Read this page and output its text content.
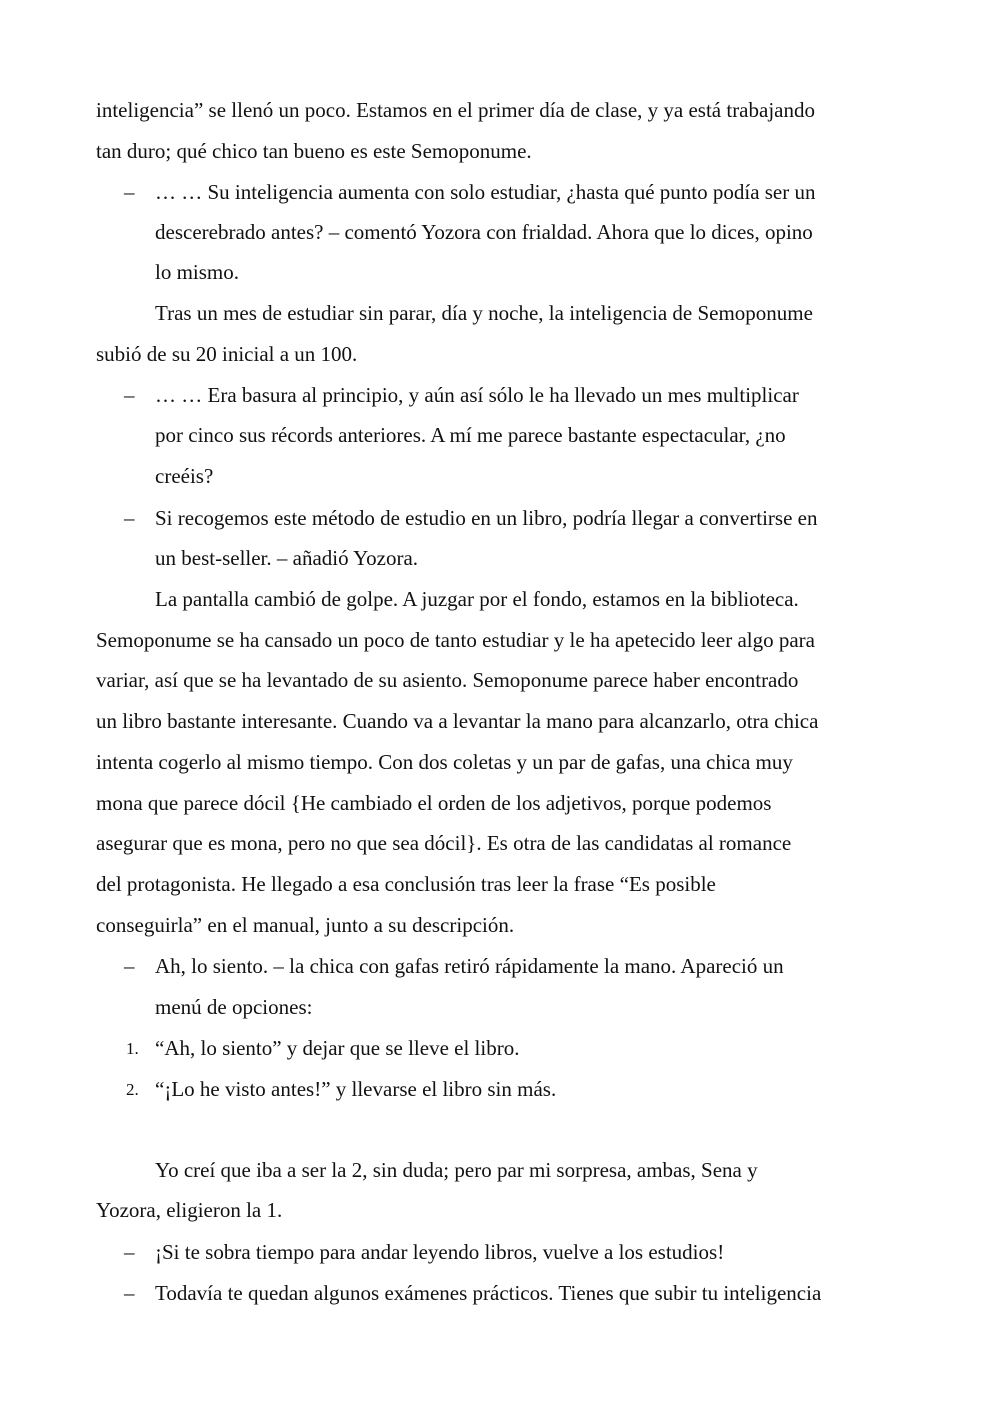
inteligencia” se llenó un poco. Estamos en el primer día de clase, y ya está trabajando
tan duro; qué chico tan bueno es este Semoponume.
– … … Su inteligencia aumenta con solo estudiar, ¿hasta qué punto podía ser un
descerebrado antes? – comentó Yozora con frialdad. Ahora que lo dices, opino
lo mismo.
Tras un mes de estudiar sin parar, día y noche, la inteligencia de Semoponume
subió de su 20 inicial a un 100.
– … … Era basura al principio, y aún así sólo le ha llevado un mes multiplicar
por cinco sus récords anteriores. A mí me parece bastante espectacular, ¿no
creéis?
– Si recogemos este método de estudio en un libro, podría llegar a convertirse en
un best-seller. – añadió Yozora.
La pantalla cambió de golpe. A juzgar por el fondo, estamos en la biblioteca.
Semoponume se ha cansado un poco de tanto estudiar y le ha apetecido leer algo para
variar, así que se ha levantado de su asiento. Semoponume parece haber encontrado
un libro bastante interesante. Cuando va a levantar la mano para alcanzarlo, otra chica
intenta cogerlo al mismo tiempo. Con dos coletas y un par de gafas, una chica muy
mona que parece dócil {He cambiado el orden de los adjetivos, porque podemos
asegurar que es mona, pero no que sea dócil}. Es otra de las candidatas al romance
del protagonista. He llegado a esa conclusión tras leer la frase “Es posible
conseguirla” en el manual, junto a su descripción.
– Ah, lo siento. – la chica con gafas retiró rápidamente la mano. Apareció un
menú de opciones:
1. “Ah, lo siento” y dejar que se lleve el libro.
2. “¡Lo he visto antes!” y llevarse el libro sin más.
Yo creí que iba a ser la 2, sin duda; pero par mi sorpresa, ambas, Sena y
Yozora, eligieron la 1.
– ¡Si te sobra tiempo para andar leyendo libros, vuelve a los estudios!
– Todavía te quedan algunos exámenes prácticos. Tienes que subir tu inteligencia
